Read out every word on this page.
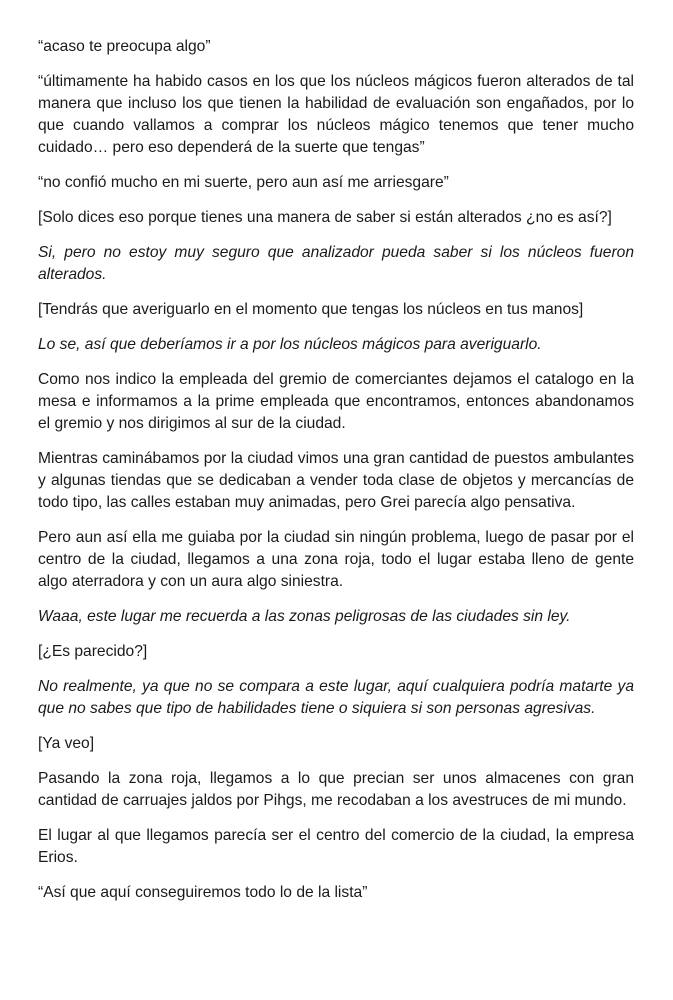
“acaso te preocupa algo”

“últimamente ha habido casos en los que los núcleos mágicos fueron alterados de tal manera que incluso los que tienen la habilidad de evaluación son engañados, por lo que cuando vallamos a comprar los núcleos mágico tenemos que tener mucho cuidado… pero eso dependerá de la suerte que tengas”

“no confió mucho en mi suerte, pero aun así me arriesgare”

[Solo dices eso porque tienes una manera de saber si están alterados ¿no es así?]

Si, pero no estoy muy seguro que analizador pueda saber si los núcleos fueron alterados.

[Tendrás que averiguarlo en el momento que tengas los núcleos en tus manos]

Lo se, así que deberíamos ir a por los núcleos mágicos para averiguarlo.

Como nos indico la empleada del gremio de comerciantes dejamos el catalogo en la mesa e informamos a la prime empleada que encontramos, entonces abandonamos el gremio y nos dirigimos al sur de la ciudad.

Mientras caminábamos por la ciudad vimos una gran cantidad de puestos ambulantes y algunas tiendas que se dedicaban a vender toda clase de objetos y mercancías de todo tipo, las calles estaban muy animadas, pero Grei parecía algo pensativa.

Pero aun así ella me guiaba por la ciudad sin ningún problema, luego de pasar por el centro de la ciudad, llegamos a una zona roja, todo el lugar estaba lleno de gente algo aterradora y con un aura algo siniestra.

Waaa, este lugar me recuerda a las zonas peligrosas de las ciudades sin ley.

[¿Es parecido?]

No realmente, ya que no se compara a este lugar, aquí cualquiera podría matarte ya que no sabes que tipo de habilidades tiene o siquiera si son personas agresivas.

[Ya veo]

Pasando la zona roja, llegamos a lo que precian ser unos almacenes con gran cantidad de carruajes jaldos por Pihgs, me recodaban a los avestruces de mi mundo.

El lugar al que llegamos parecía ser el centro del comercio de la ciudad, la empresa Erios.

“Así que aquí conseguiremos todo lo de la lista”
